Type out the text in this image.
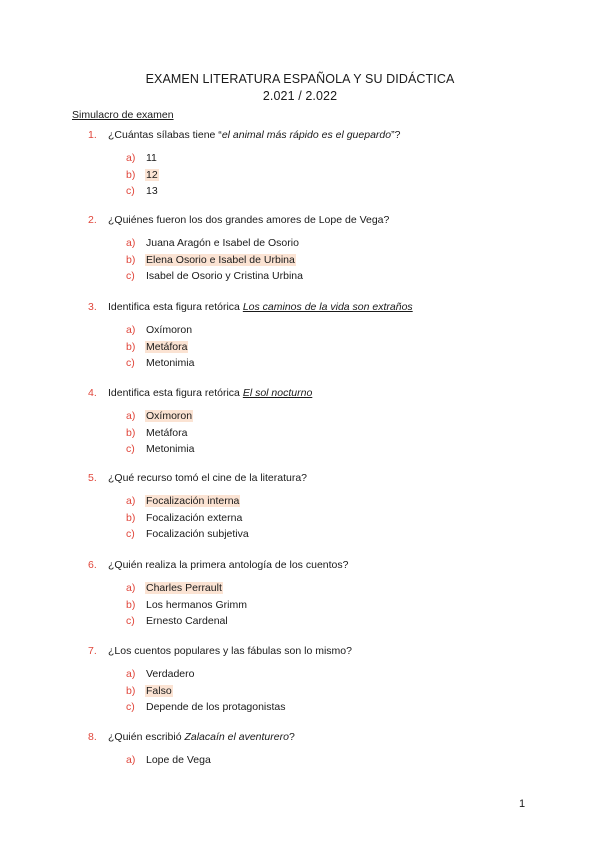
EXAMEN LITERATURA ESPAÑOLA Y SU DIDÁCTICA
2.021 / 2.022
Simulacro de examen
1. ¿Cuántas sílabas tiene “el animal más rápido es el guepardo”?
a) 11
b) 12
c) 13
2. ¿Quiénes fueron los dos grandes amores de Lope de Vega?
a) Juana Aragón e Isabel de Osorio
b) Elena Osorio e Isabel de Urbina
c) Isabel de Osorio y Cristina Urbina
3. Identifica esta figura retórica Los caminos de la vida son extraños
a) Oxímoron
b) Metáfora
c) Metonimia
4. Identifica esta figura retórica El sol nocturno
a) Oxímoron
b) Metáfora
c) Metonimia
5. ¿Qué recurso tomó el cine de la literatura?
a) Focalización interna
b) Focalización externa
c) Focalización subjetiva
6. ¿Quién realiza la primera antología de los cuentos?
a) Charles Perrault
b) Los hermanos Grimm
c) Ernesto Cardenal
7. ¿Los cuentos populares y las fábulas son lo mismo?
a) Verdadero
b) Falso
c) Depende de los protagonistas
8. ¿Quién escribió Zalacaín el aventurero?
a) Lope de Vega
1
